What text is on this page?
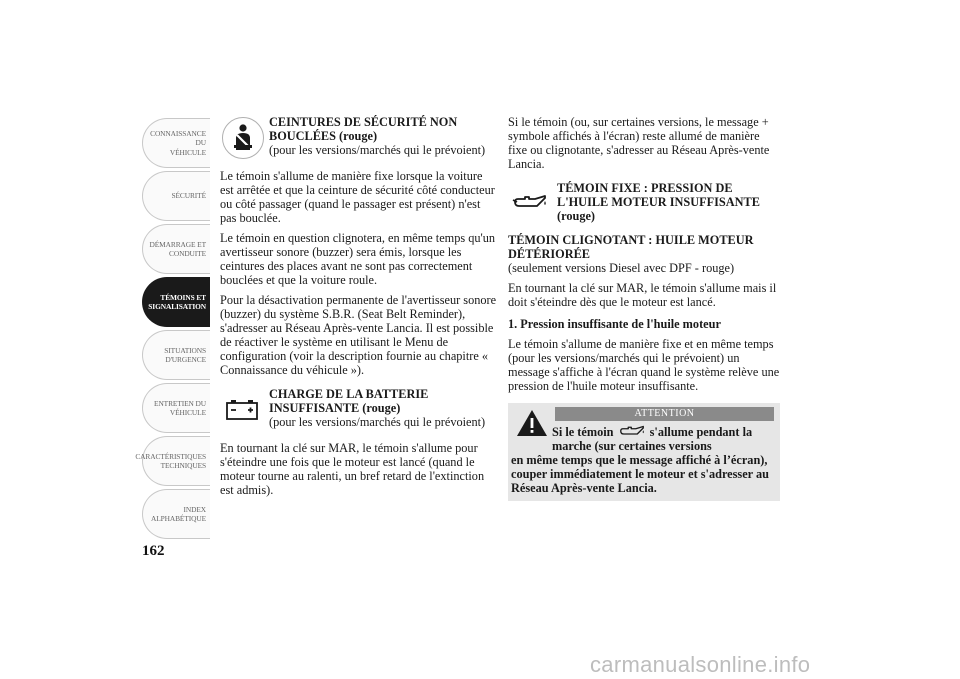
CONNAISSANCE DU
VÉHICULE
SÉCURITÉ
DÉMARRAGE ET
CONDUITE
TÉMOINS ET
SIGNALISATION
SITUATIONS
D'URGENCE
ENTRETIEN DU
VÉHICULE
CARACTÉRISTIQUES
TECHNIQUES
INDEX
ALPHABÉTIQUE
162

CEINTURES DE SÉCURITÉ NON BOUCLÉES (rouge)

(pour les versions/marchés qui le prévoient)

Le témoin s'allume de manière fixe lorsque la voiture est arrêtée et que la ceinture de sécurité côté conducteur ou côté passager (quand le passager est présent) n'est pas bouclée.

Le témoin en question clignotera, en même temps qu'un avertisseur sonore (buzzer) sera émis, lorsque les ceintures des places avant ne sont pas correctement bouclées et que la voiture roule.

Pour la désactivation permanente de l'avertisseur sonore (buzzer) du système S.B.R. (Seat Belt Reminder), s'adresser au Réseau Après-vente Lancia. Il est possible de réactiver le système en utilisant le Menu de configuration (voir la description fournie au chapitre « Connaissance du véhicule »).

CHARGE DE LA BATTERIE INSUFFISANTE (rouge)

(pour les versions/marchés qui le prévoient)

En tournant la clé sur MAR, le témoin s'allume pour s'éteindre une fois que le moteur est lancé (quand le moteur tourne au ralenti, un bref retard de l'extinction est admis).

Si le témoin (ou, sur certaines versions, le message + symbole affichés à l'écran) reste allumé de manière fixe ou clignotante, s'adresser au Réseau Après-vente Lancia.

TÉMOIN FIXE : PRESSION DE L'HUILE MOTEUR INSUFFISANTE (rouge)

TÉMOIN CLIGNOTANT : HUILE MOTEUR DÉTÉRIORÉE

(seulement versions Diesel avec DPF - rouge)

En tournant la clé sur MAR, le témoin s'allume mais il doit s'éteindre dès que le moteur est lancé.

1. Pression insuffisante de l'huile moteur

Le témoin s'allume de manière fixe et en même temps (pour les versions/marchés qui le prévoient) un message s'affiche à l'écran quand le système relève une pression de l'huile moteur insuffisante.

ATTENTION
Si le témoin	s'allume pendant la marche (sur certaines versions
en même temps que le message affiché à l’écran), couper immédiatement le moteur et s'adresser au Réseau Après-vente Lancia.
carmanualsonline.info
